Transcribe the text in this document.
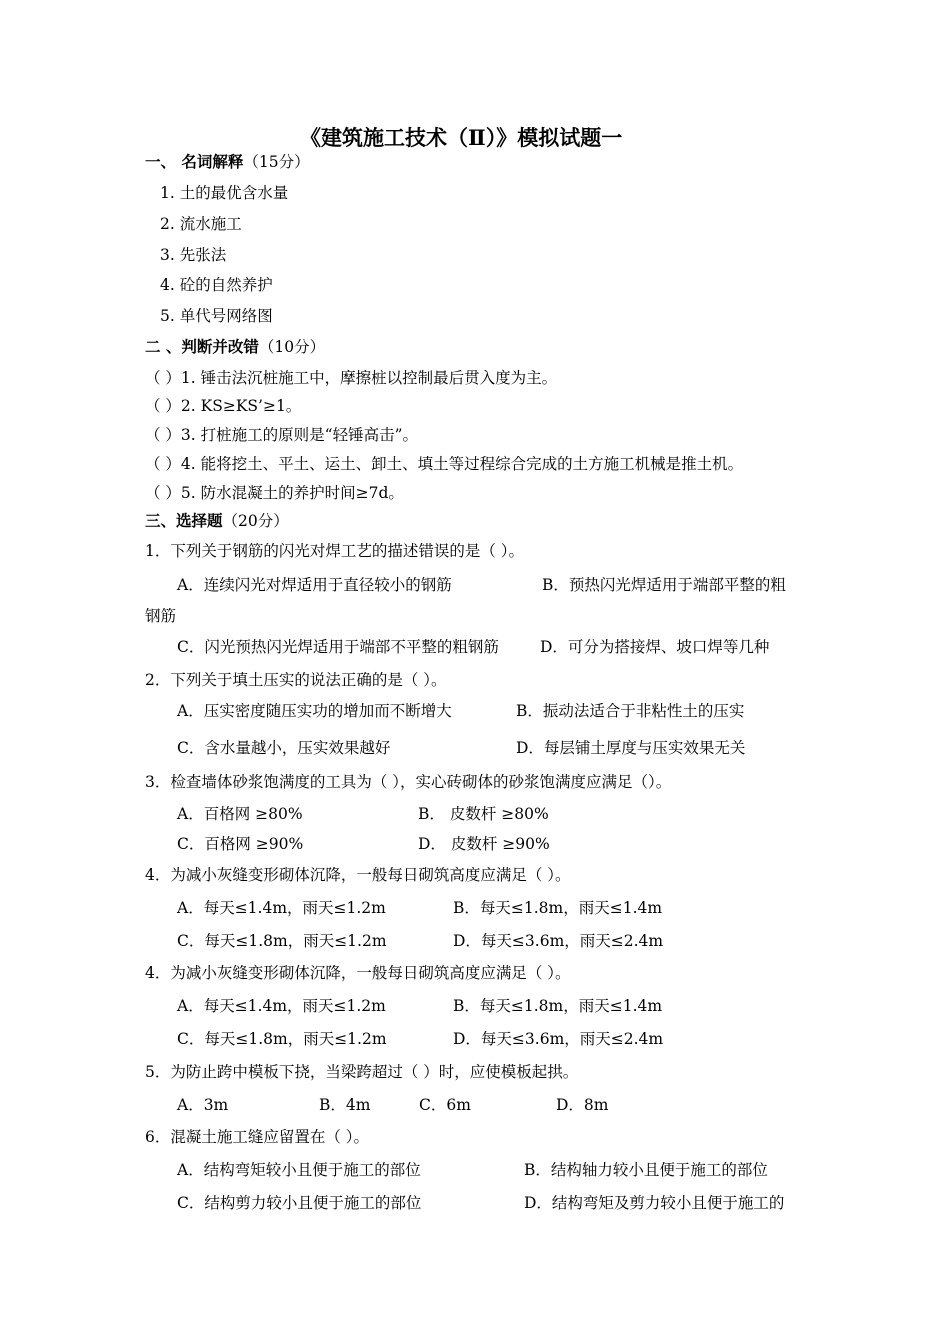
《建筑施工技术（Ⅱ）》模拟试题一
一、 名词解释（15分）
1. 土的最优含水量
2. 流水施工
3. 先张法
4. 砼的自然养护
5. 单代号网络图
二 、判断并改错（10分）
（ ）1. 锤击法沉桩施工中，摩擦桩以控制最后贯入度为主。
（ ）2. KS≥KS’≥1。
（ ）3. 打桩施工的原则是“轻锤高击”。
（ ）4. 能将挖土、平土、运土、卸土、填土等过程综合完成的土方施工机械是推土机。
（ ）5. 防水混凝土的养护时间≥7d。
三、选择题（20分）
1．下列关于钢筋的闪光对焊工艺的描述错误的是（ ）。
A．连续闪光对焊适用于直径较小的钢筋	B．预热闪光焊适用于端部平整的粗
钢筋
C．闪光预热闪光焊适用于端部不平整的粗钢筋	D．可分为搭接焊、坡口焊等几种
2．下列关于填土压实的说法正确的是（ ）。
A．压实密度随压实功的增加而不断增大	B．振动法适合于非粘性土的压实
C．含水量越小，压实效果越好	D．每层铺土厚度与压实效果无关
3．检查墙体砂浆饱满度的工具为（ ），实心砖砌体的砂浆饱满度应满足（）。
A．百格网 ≥80%	B． 皮数杆 ≥80%
C．百格网 ≥90%	D． 皮数杆 ≥90%
4．为减小灰缝变形砌体沉降，一般每日砌筑高度应满足（ ）。
A．每天≤1.4m，雨天≤1.2m	B．每天≤1.8m，雨天≤1.4m
C．每天≤1.8m，雨天≤1.2m	D．每天≤3.6m，雨天≤2.4m
4．为减小灰缝变形砌体沉降，一般每日砌筑高度应满足（ ）。
A．每天≤1.4m，雨天≤1.2m	B．每天≤1.8m，雨天≤1.4m
C．每天≤1.8m，雨天≤1.2m	D．每天≤3.6m，雨天≤2.4m
5．为防止跨中模板下挠，当梁跨超过（ ）时，应使模板起拱。
A．3m	B．4m	C．6m	D．8m
6．混凝土施工缝应留置在（ ）。
A．结构弯矩较小且便于施工的部位	B．结构轴力较小且便于施工的部位
C．结构剪力较小且便于施工的部位	D．结构弯矩及剪力较小且便于施工的
